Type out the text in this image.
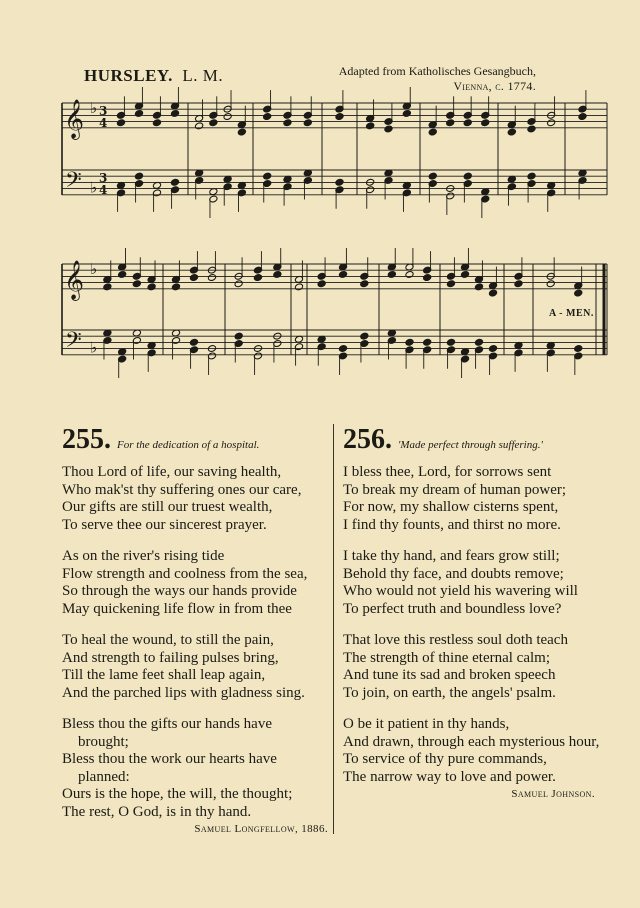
HURSLEY. L. M.	Adapted from Katholisches Gesangbuch,
Vienna, c. 1774.
𝄞
𝄞
𝄢
𝄢
♭
♭
♭
♭
3
4
3
4
A - MEN.
255. For the dedication of a hospital.
Thou Lord of life, our saving health,
Who mak'st thy suffering ones our care,
Our gifts are still our truest wealth,
To serve thee our sincerest prayer.
As on the river's rising tide
Flow strength and coolness from the sea,
So through the ways our hands provide
May quickening life flow in from thee
To heal the wound, to still the pain,
And strength to failing pulses bring,
Till the lame feet shall leap again,
And the parched lips with gladness sing.
Bless thou the gifts our hands have
brought;
Bless thou the work our hearts have
planned:
Ours is the hope, the will, the thought;
The rest, O God, is in thy hand.
Samuel Longfellow, 1886.
256. 'Made perfect through suffering.'
I bless thee, Lord, for sorrows sent
To break my dream of human power;
For now, my shallow cisterns spent,
I find thy founts, and thirst no more.
I take thy hand, and fears grow still;
Behold thy face, and doubts remove;
Who would not yield his wavering will
To perfect truth and boundless love?
That love this restless soul doth teach
The strength of thine eternal calm;
And tune its sad and broken speech
To join, on earth, the angels' psalm.
O be it patient in thy hands,
And drawn, through each mysterious hour,
To service of thy pure commands,
The narrow way to love and power.
Samuel Johnson.
